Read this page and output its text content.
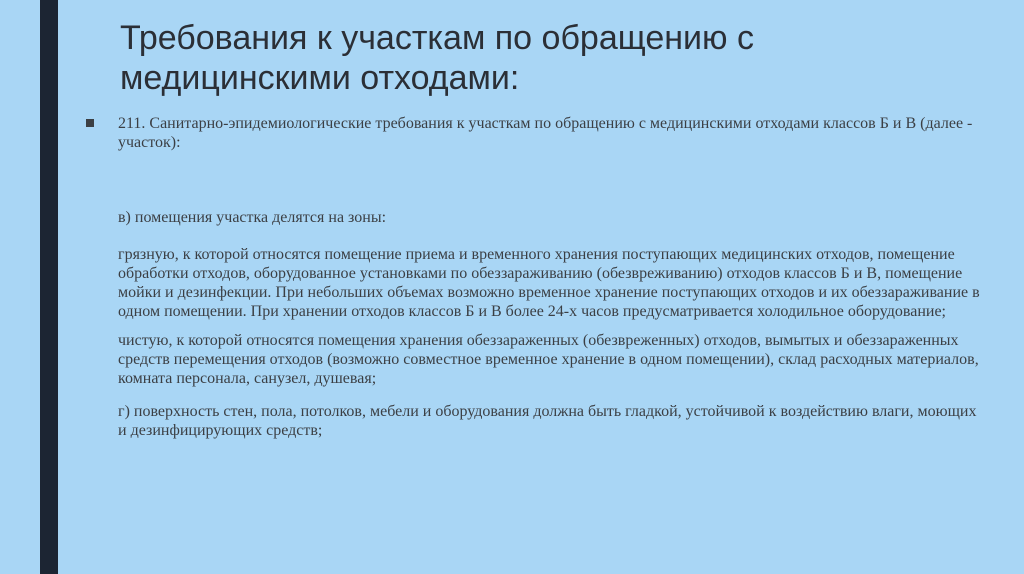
Требования к участкам по обращению с медицинскими отходами:
211. Санитарно-эпидемиологические требования к участкам по обращению с медицинскими отходами классов Б и В (далее - участок):

в) помещения участка делятся на зоны:

грязную, к которой относятся помещение приема и временного хранения поступающих медицинских отходов, помещение обработки отходов, оборудованное установками по обеззараживанию (обезвреживанию) отходов классов Б и В, помещение мойки и дезинфекции. При небольших объемах возможно временное хранение поступающих отходов и их обеззараживание в одном помещении. При хранении отходов классов Б и В более 24-х часов предусматривается холодильное оборудование;

чистую, к которой относятся помещения хранения обеззараженных (обезвреженных) отходов, вымытых и обеззараженных средств перемещения отходов (возможно совместное временное хранение в одном помещении), склад расходных материалов, комната персонала, санузел, душевая;

г) поверхность стен, пола, потолков, мебели и оборудования должна быть гладкой, устойчивой к воздействию влаги, моющих и дезинфицирующих средств;
